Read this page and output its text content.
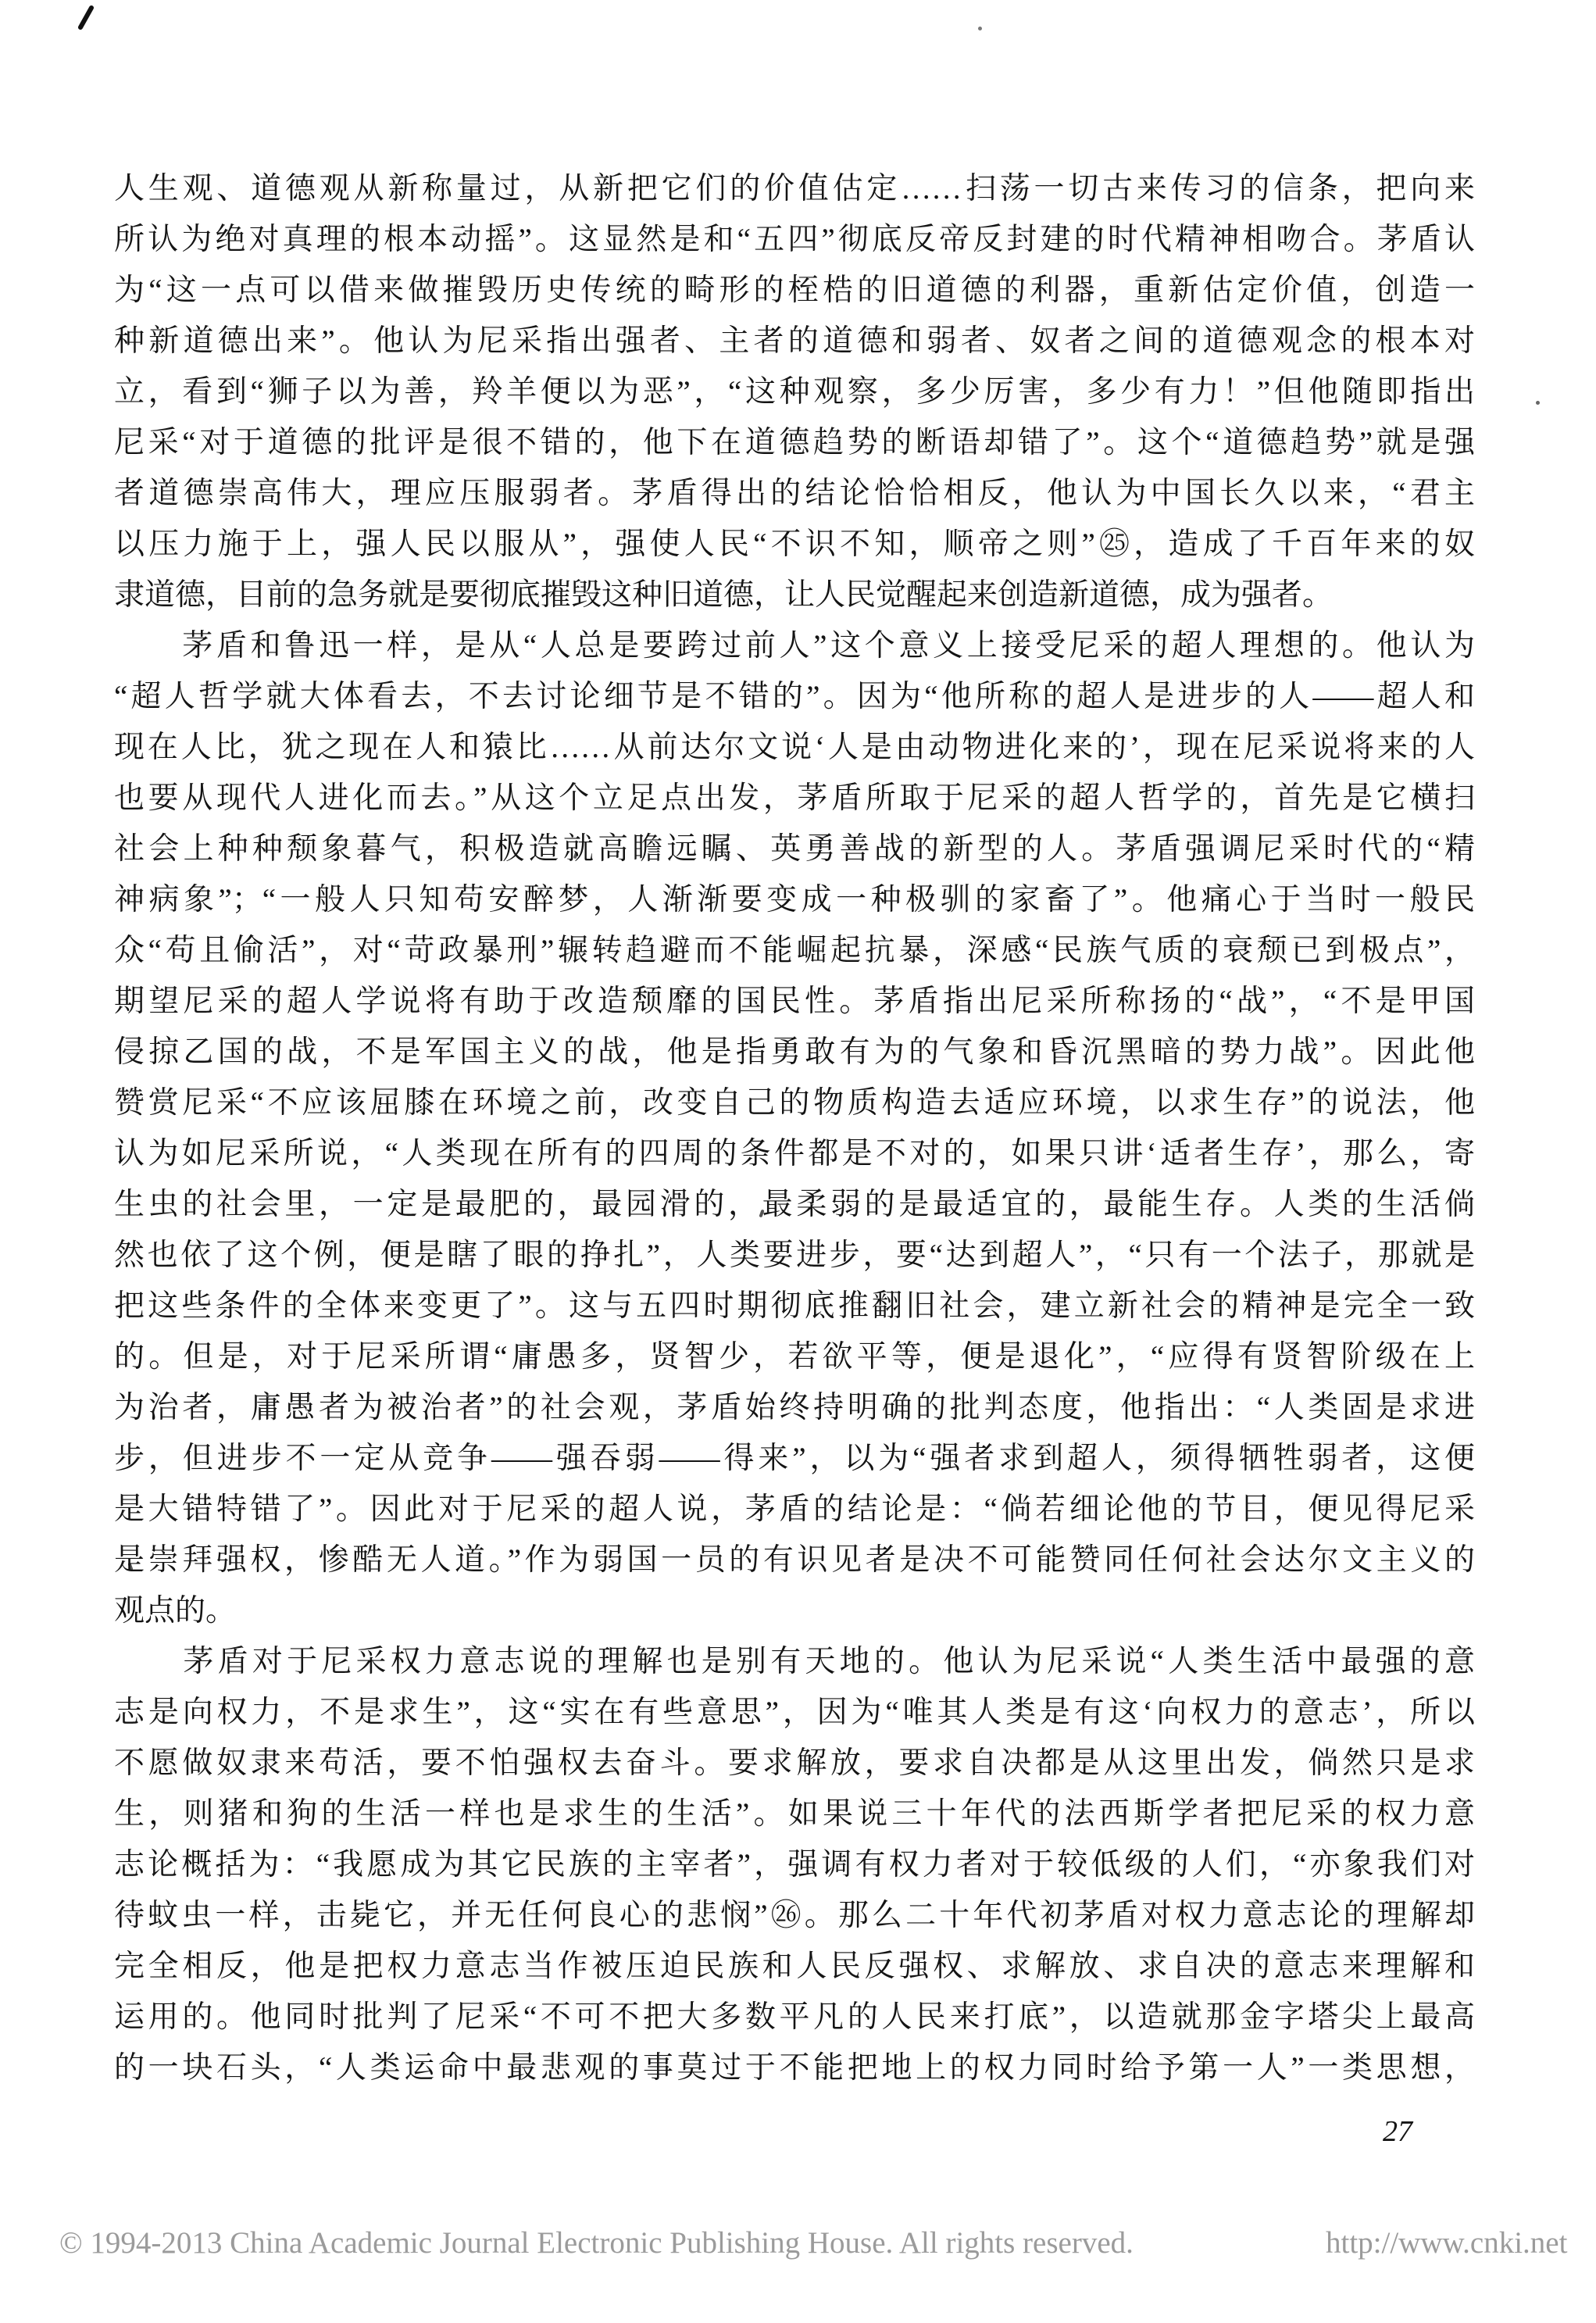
人生观、道德观从新称量过，从新把它们的价值估定……扫荡一切古来传习的信条，把向来
所认为绝对真理的根本动摇”。这显然是和“五四”彻底反帝反封建的时代精神相吻合。茅盾认
为“这一点可以借来做摧毁历史传统的畸形的桎梏的旧道德的利器，重新估定价值，创造一
种新道德出来”。他认为尼采指出强者、主者的道德和弱者、奴者之间的道德观念的根本对
立，看到“狮子以为善，羚羊便以为恶”，“这种观察，多少厉害，多少有力！”但他随即指出
尼采“对于道德的批评是很不错的，他下在道德趋势的断语却错了”。这个“道德趋势”就是强
者道德崇高伟大，理应压服弱者。茅盾得出的结论恰恰相反，他认为中国长久以来，“君主
以压力施于上，强人民以服从”，强使人民“不识不知，顺帝之则”㉕，造成了千百年来的奴
隶道德，目前的急务就是要彻底摧毁这种旧道德，让人民觉醒起来创造新道德，成为强者。
　　茅盾和鲁迅一样，是从“人总是要跨过前人”这个意义上接受尼采的超人理想的。他认为
“超人哲学就大体看去，不去讨论细节是不错的”。因为“他所称的超人是进步的人——超人和
现在人比，犹之现在人和猿比……从前达尔文说‘人是由动物进化来的’，现在尼采说将来的人
也要从现代人进化而去。”从这个立足点出发，茅盾所取于尼采的超人哲学的，首先是它横扫
社会上种种颓象暮气，积极造就高瞻远瞩、英勇善战的新型的人。茅盾强调尼采时代的“精
神病象”；“一般人只知苟安醉梦，人渐渐要变成一种极驯的家畜了”。他痛心于当时一般民
众“苟且偷活”，对“苛政暴刑”辗转趋避而不能崛起抗暴，深感“民族气质的衰颓已到极点”，
期望尼采的超人学说将有助于改造颓靡的国民性。茅盾指出尼采所称扬的“战”，“不是甲国
侵掠乙国的战，不是军国主义的战，他是指勇敢有为的气象和昏沉黑暗的势力战”。因此他
赞赏尼采“不应该屈膝在环境之前，改变自己的物质构造去适应环境，以求生存”的说法，他
认为如尼采所说，“人类现在所有的四周的条件都是不对的，如果只讲‘适者生存’，那么，寄
生虫的社会里，一定是最肥的，最园滑的，最柔弱的是最适宜的，最能生存。人类的生活倘
然也依了这个例，便是瞎了眼的挣扎”，人类要进步，要“达到超人”，“只有一个法子，那就是
把这些条件的全体来变更了”。这与五四时期彻底推翻旧社会，建立新社会的精神是完全一致
的。但是，对于尼采所谓“庸愚多，贤智少，若欲平等，便是退化”，“应得有贤智阶级在上
为治者，庸愚者为被治者”的社会观，茅盾始终持明确的批判态度，他指出：“人类固是求进
步，但进步不一定从竞争——强吞弱——得来”，以为“强者求到超人，须得牺牲弱者，这便
是大错特错了”。因此对于尼采的超人说，茅盾的结论是：“倘若细论他的节目，便见得尼采
是崇拜强权，惨酷无人道。”作为弱国一员的有识见者是决不可能赞同任何社会达尔文主义的
观点的。
　　茅盾对于尼采权力意志说的理解也是别有天地的。他认为尼采说“人类生活中最强的意
志是向权力，不是求生”，这“实在有些意思”，因为“唯其人类是有这‘向权力的意志’，所以
不愿做奴隶来苟活，要不怕强权去奋斗。要求解放，要求自决都是从这里出发，倘然只是求
生，则猪和狗的生活一样也是求生的生活”。如果说三十年代的法西斯学者把尼采的权力意
志论概括为：“我愿成为其它民族的主宰者”，强调有权力者对于较低级的人们，“亦象我们对
待蚊虫一样，击毙它，并无任何良心的悲悯”㉖。那么二十年代初茅盾对权力意志论的理解却
完全相反，他是把权力意志当作被压迫民族和人民反强权、求解放、求自决的意志来理解和
运用的。他同时批判了尼采“不可不把大多数平凡的人民来打底”，以造就那金字塔尖上最高
的一块石头，“人类运命中最悲观的事莫过于不能把地上的权力同时给予第一人”一类思想，
27
© 1994-2013 China Academic Journal Electronic Publishing House. All rights reserved.	http://www.cnki.net
